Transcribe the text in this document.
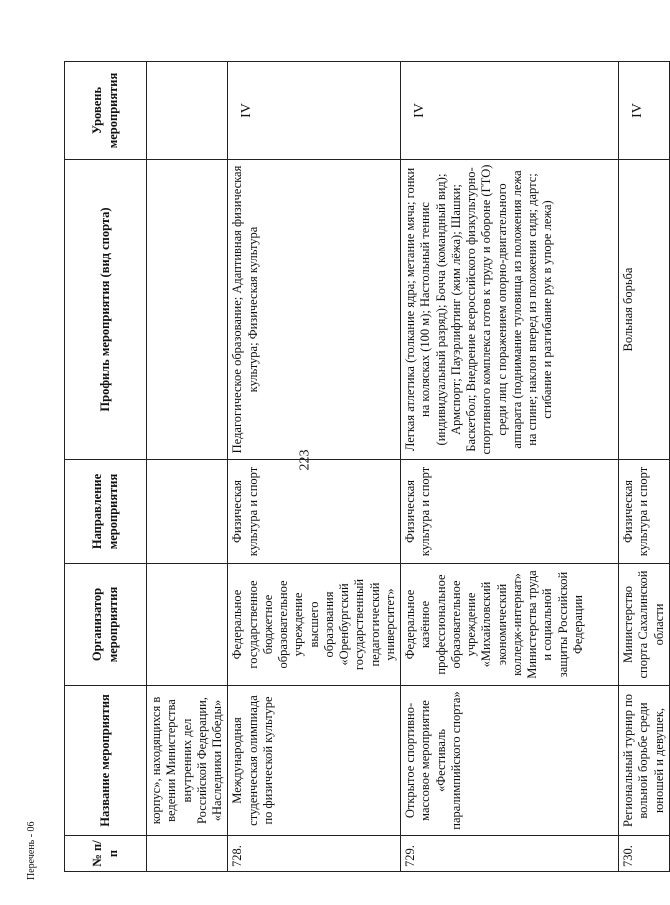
223
№ п/п	Название мероприятия	Организатор мероприятия	Направление мероприятия	Профиль мероприятия (вид спорта)	Уровень мероприятия
	корпус», находящихся в ведении Министерства внутренних дел Российской Федерации, «Наследники Победы»				
728.	Международная студенческая олимпиада по физической культуре	Федеральное государственное бюджетное образовательное учреждение высшего образования «Оренбургский государственный педагогический университет»	Физическая культура и спорт	Педагогическое образование; Адаптивная физическая культура; Физическая культура	IV
729.	Открытое спортивно-массовое мероприятие «Фестиваль паралимпийского спорта»	Федеральное казённое профессиональное образовательное учреждение «Михайловский экономический колледж-интернат» Министерства труда и социальной защиты Российской Федерации	Физическая культура и спорт	Легкая атлетика (толкание ядра; метание мяча; гонки на колясках (100 м); Настольный теннис (индивидуальный разряд); Бочча (командный вид); Армспорт; Пауэрлифтинг (жим лёжа); Шашки; Баскетбол; Внедрение всероссийского физкультурно-спортивного комплекса готов к труду и обороне (ГТО) среди лиц с поражением опорно-двигательного аппарата (поднимание туловища из положения лежа на спине; наклон вперед из положения сидя; дартс; сгибание и разгибание рук в упоре лежа)	IV
730.	Региональный турнир по вольной борьбе среди юношей и девушек,	Министерство спорта Сахалинской области	Физическая культура и спорт	Вольная борьба	IV
Перечень - 06
